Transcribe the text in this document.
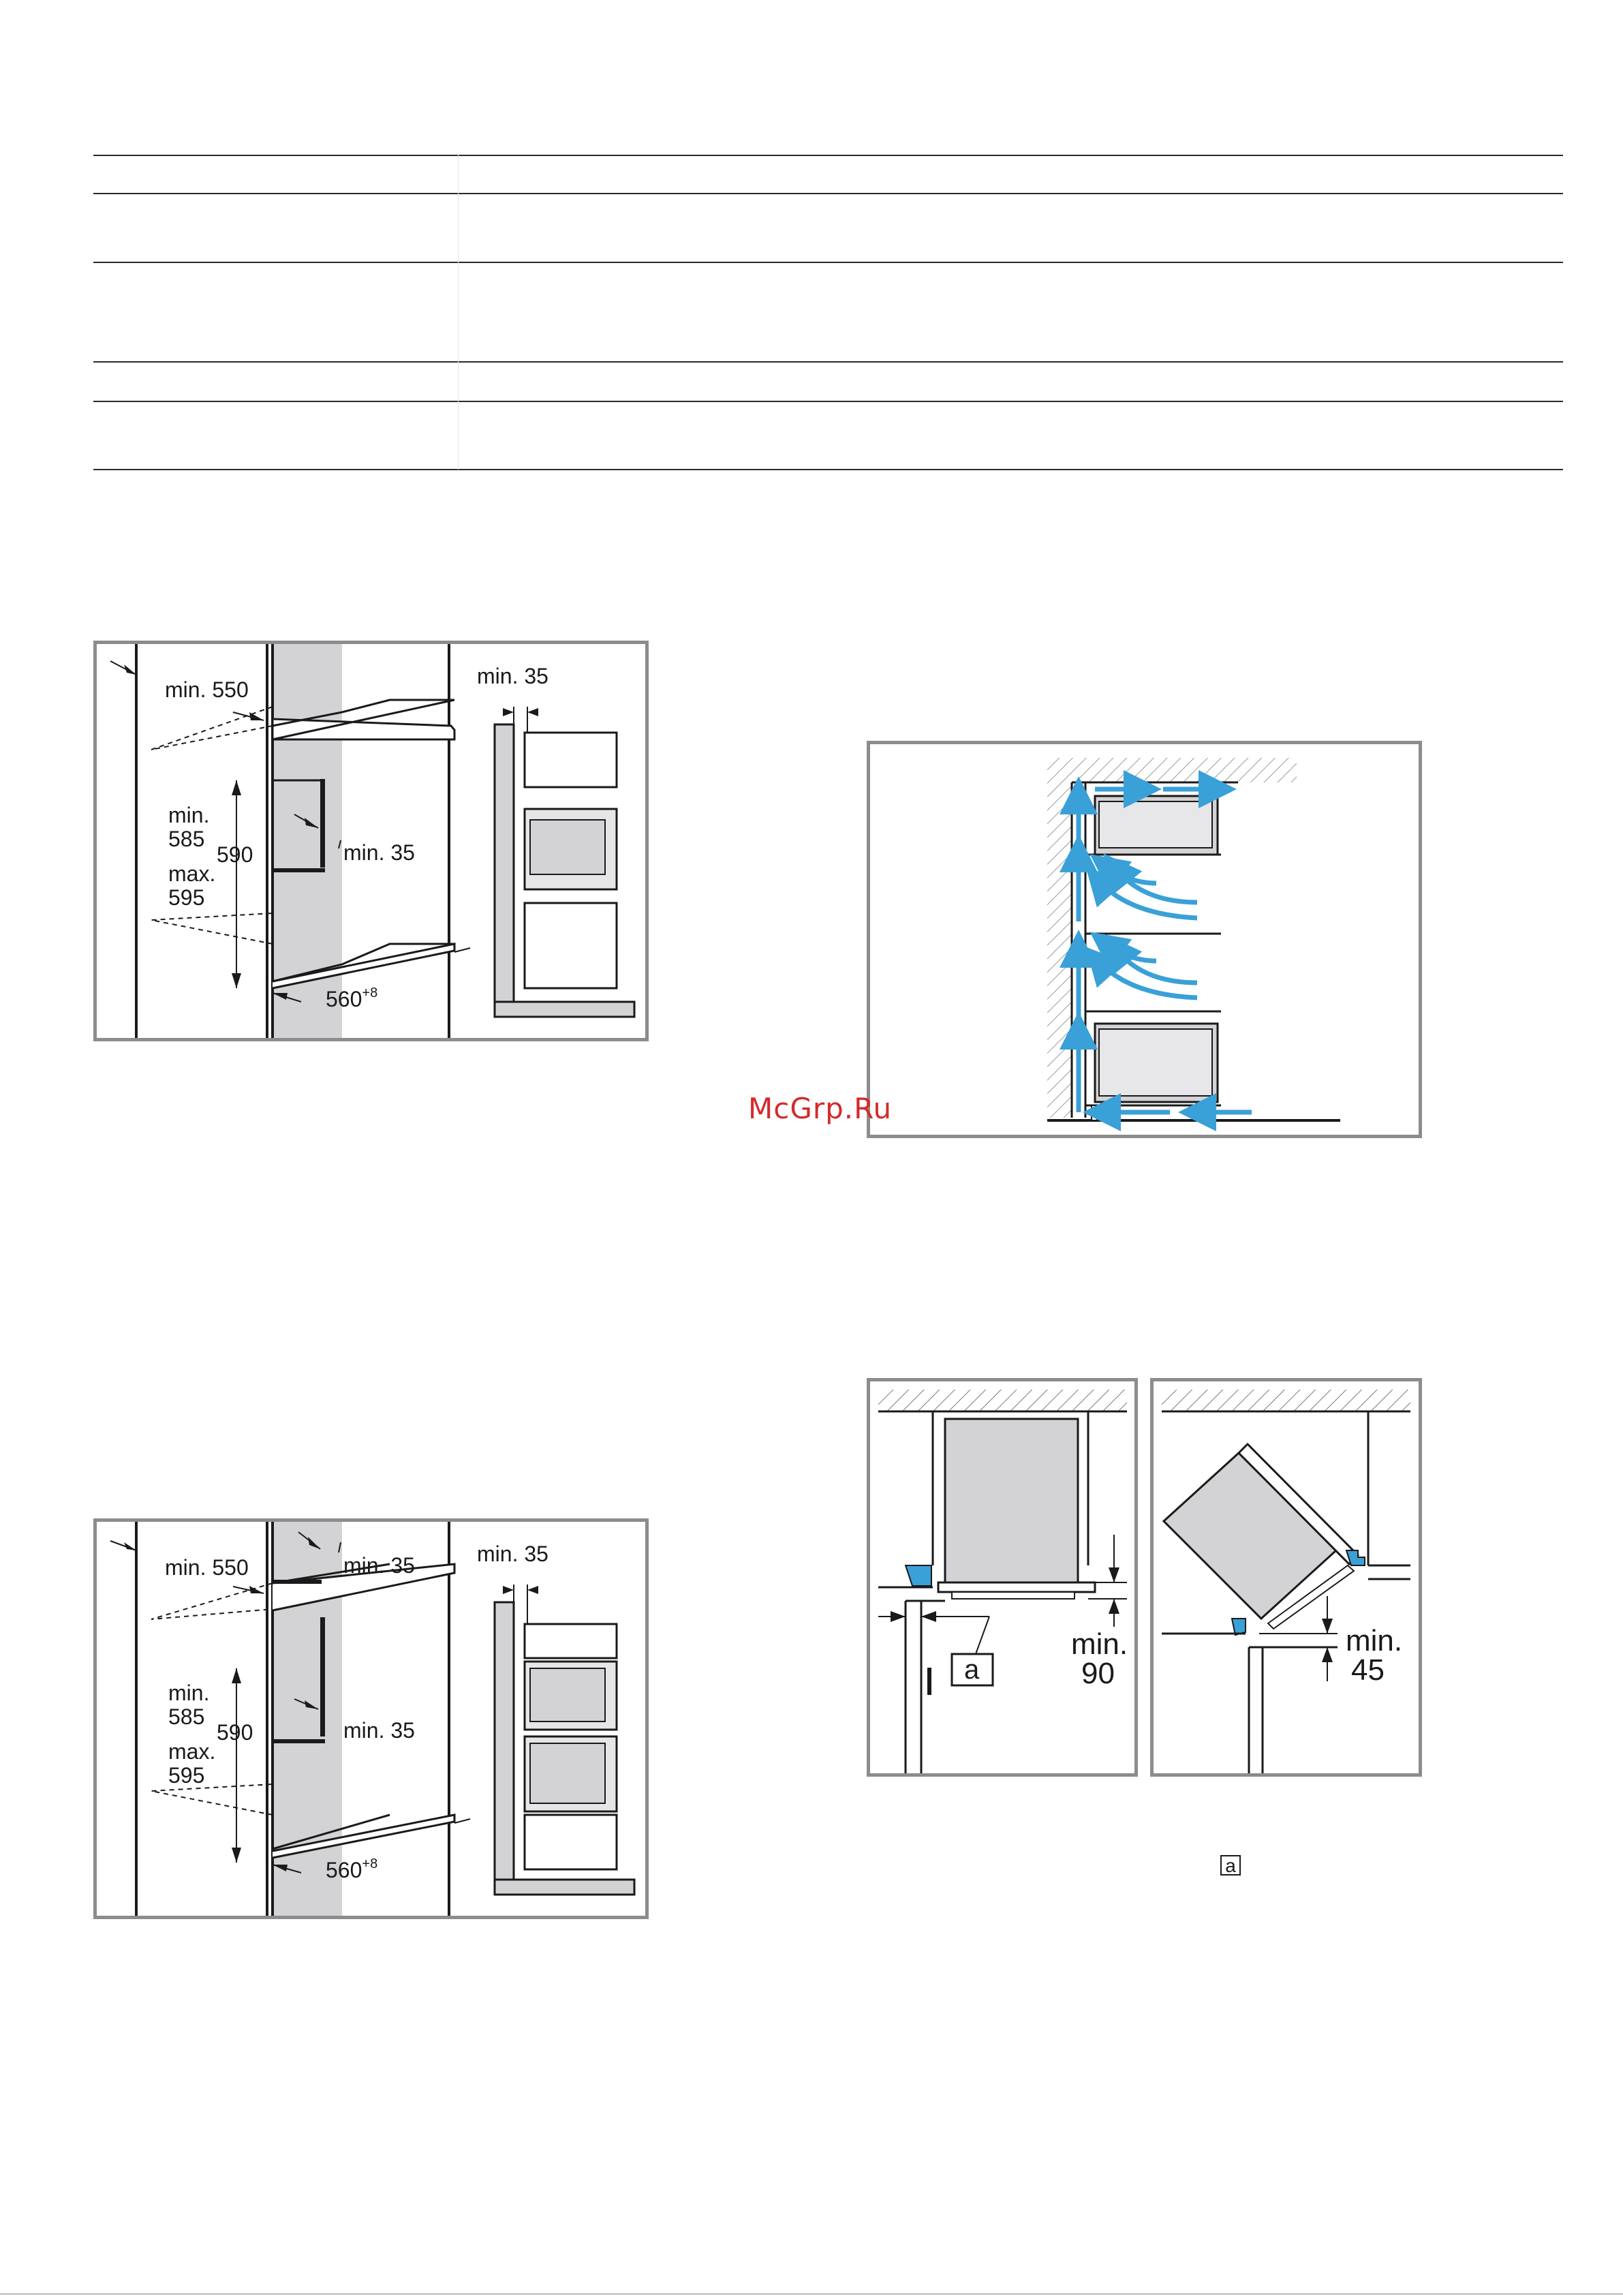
min. 550
min.
585
590
max.
595
min. 35
$560^{+8}$
min. 35
min. 550	min. 35
min.
585
590
max.
595
min. 35
$560^{+8}$
min. 35
McGrp.Ru
a
min.
90
min.
45
a
